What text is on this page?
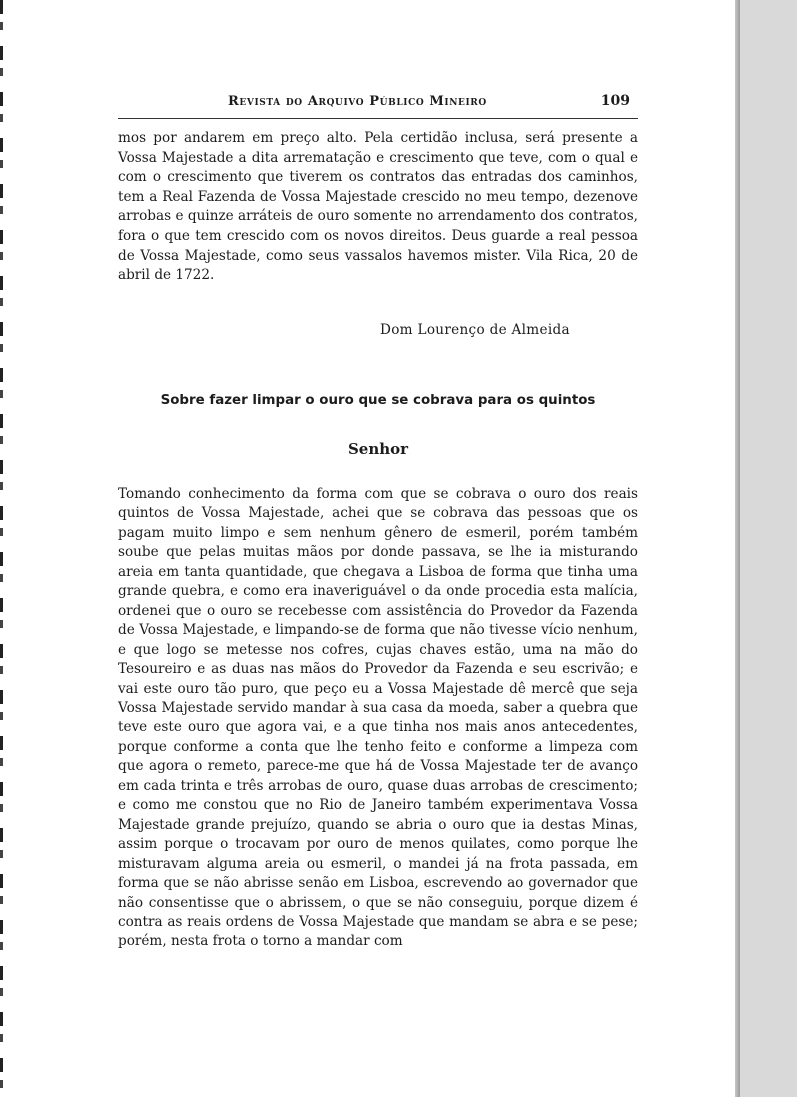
Revista do Arquivo Público Mineiro	109

mos por andarem em preço alto. Pela certidão inclusa, será presente a Vossa Majestade a dita arrematação e crescimento que teve, com o qual e com o crescimento que tiverem os contratos das entradas dos caminhos, tem a Real Fazenda de Vossa Majestade crescido no meu tempo, dezenove arrobas e quinze arráteis de ouro somente no arrendamento dos contratos, fora o que tem crescido com os novos direitos. Deus guarde a real pessoa de Vossa Majestade, como seus vassalos havemos mister. Vila Rica, 20 de abril de 1722.

Dom Lourenço de Almeida
Sobre fazer limpar o ouro que se cobrava para os quintos
Senhor

Tomando conhecimento da forma com que se cobrava o ouro dos reais quintos de Vossa Majestade, achei que se cobrava das pessoas que os pagam muito limpo e sem nenhum gênero de esmeril, porém também soube que pelas muitas mãos por donde passava, se lhe ia misturando areia em tanta quantidade, que chegava a Lisboa de forma que tinha uma grande quebra, e como era inaveriguável o da onde procedia esta malícia, ordenei que o ouro se recebesse com assistência do Provedor da Fazenda de Vossa Majestade, e limpando-se de forma que não tivesse vício nenhum, e que logo se metesse nos cofres, cujas chaves estão, uma na mão do Tesoureiro e as duas nas mãos do Provedor da Fazenda e seu escrivão; e vai este ouro tão puro, que peço eu a Vossa Majestade dê mercê que seja Vossa Majestade servido mandar à sua casa da moeda, saber a quebra que teve este ouro que agora vai, e a que tinha nos mais anos antecedentes, porque conforme a conta que lhe tenho feito e conforme a limpeza com que agora o remeto, parece-me que há de Vossa Majestade ter de avanço em cada trinta e três arrobas de ouro, quase duas arrobas de crescimento; e como me constou que no Rio de Janeiro também experimentava Vossa Majestade grande prejuízo, quando se abria o ouro que ia destas Minas, assim porque o trocavam por ouro de menos quilates, como porque lhe misturavam alguma areia ou esmeril, o mandei já na frota passada, em forma que se não abrisse senão em Lisboa, escrevendo ao governador que não consentisse que o abrissem, o que se não conseguiu, porque dizem é contra as reais ordens de Vossa Majestade que mandam se abra e se pese; porém, nesta frota o torno a mandar com
